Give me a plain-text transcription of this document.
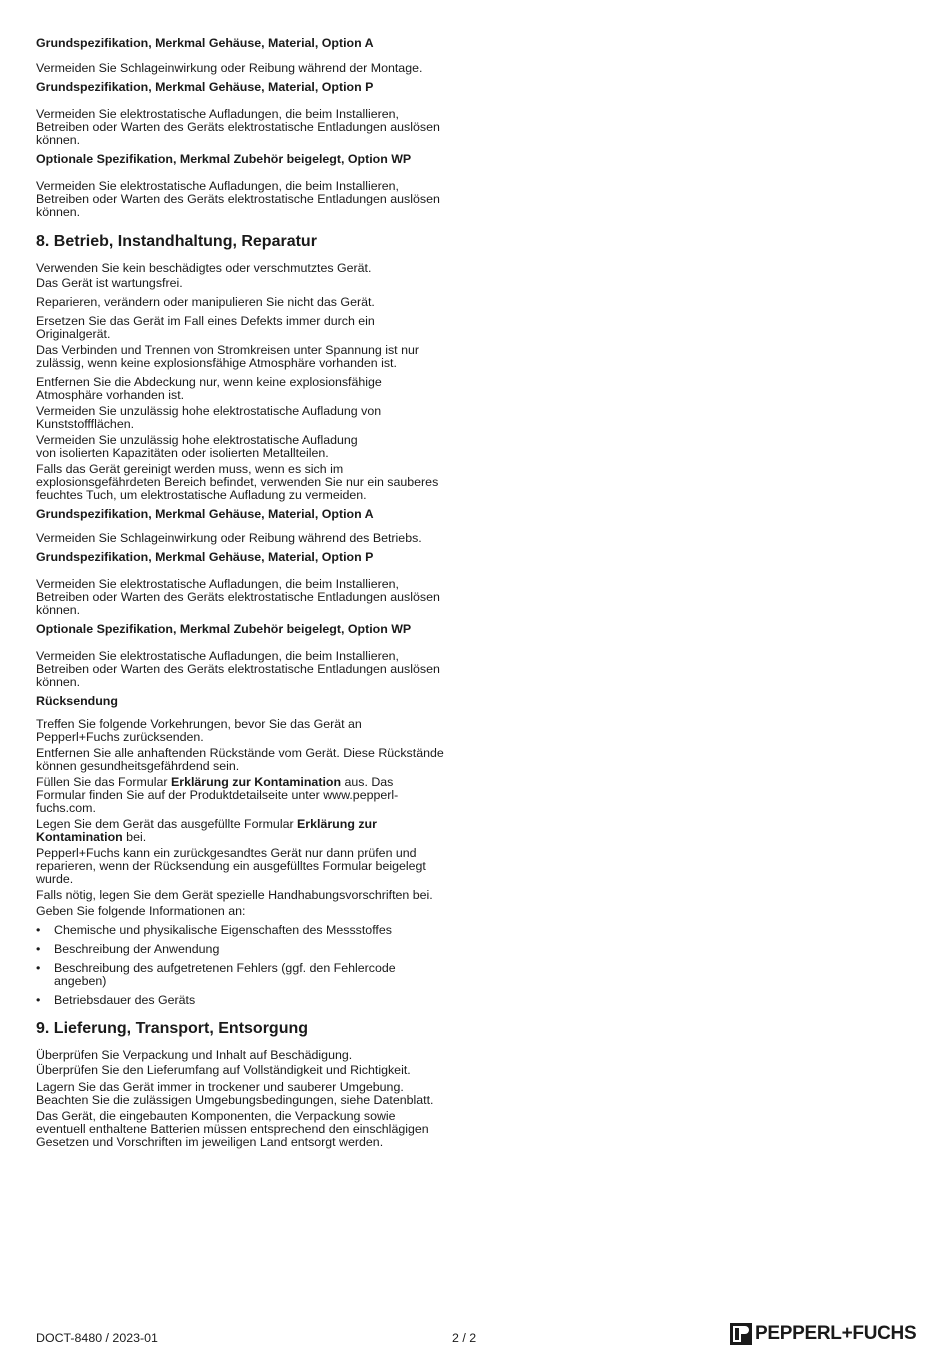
Grundspezifikation, Merkmal Gehäuse, Material, Option A
Vermeiden Sie Schlageinwirkung oder Reibung während der Montage.
Grundspezifikation, Merkmal Gehäuse, Material, Option P
Vermeiden Sie elektrostatische Aufladungen, die beim Installieren,
Betreiben oder Warten des Geräts elektrostatische Entladungen auslösen
können.
Optionale Spezifikation, Merkmal Zubehör beigelegt, Option WP
Vermeiden Sie elektrostatische Aufladungen, die beim Installieren,
Betreiben oder Warten des Geräts elektrostatische Entladungen auslösen
können.
8. Betrieb, Instandhaltung, Reparatur
Verwenden Sie kein beschädigtes oder verschmutztes Gerät.
Das Gerät ist wartungsfrei.
Reparieren, verändern oder manipulieren Sie nicht das Gerät.
Ersetzen Sie das Gerät im Fall eines Defekts immer durch ein
Originalgerät.
Das Verbinden und Trennen von Stromkreisen unter Spannung ist nur
zulässig, wenn keine explosionsfähige Atmosphäre vorhanden ist.
Entfernen Sie die Abdeckung nur, wenn keine explosionsfähige
Atmosphäre vorhanden ist.
Vermeiden Sie unzulässig hohe elektrostatische Aufladung von
Kunststoffflächen.
Vermeiden Sie unzulässig hohe elektrostatische Aufladung
von isolierten Kapazitäten oder isolierten Metallteilen.
Falls das Gerät gereinigt werden muss, wenn es sich im
explosionsgefährdeten Bereich befindet, verwenden Sie nur ein sauberes
feuchtes Tuch, um elektrostatische Aufladung zu vermeiden.
Grundspezifikation, Merkmal Gehäuse, Material, Option A
Vermeiden Sie Schlageinwirkung oder Reibung während des Betriebs.
Grundspezifikation, Merkmal Gehäuse, Material, Option P
Vermeiden Sie elektrostatische Aufladungen, die beim Installieren,
Betreiben oder Warten des Geräts elektrostatische Entladungen auslösen
können.
Optionale Spezifikation, Merkmal Zubehör beigelegt, Option WP
Vermeiden Sie elektrostatische Aufladungen, die beim Installieren,
Betreiben oder Warten des Geräts elektrostatische Entladungen auslösen
können.
Rücksendung
Treffen Sie folgende Vorkehrungen, bevor Sie das Gerät an
Pepperl+Fuchs zurücksenden.
Entfernen Sie alle anhaftenden Rückstände vom Gerät. Diese Rückstände
können gesundheitsgefährdend sein.
Füllen Sie das Formular Erklärung zur Kontamination aus. Das
Formular finden Sie auf der Produktdetailseite unter www.pepperl-
fuchs.com.
Legen Sie dem Gerät das ausgefüllte Formular Erklärung zur
Kontamination bei.
Pepperl+Fuchs kann ein zurückgesandtes Gerät nur dann prüfen und
reparieren, wenn der Rücksendung ein ausgefülltes Formular beigelegt
wurde.
Falls nötig, legen Sie dem Gerät spezielle Handhabungsvorschriften bei.
Geben Sie folgende Informationen an:
• Chemische und physikalische Eigenschaften des Messstoffes
• Beschreibung der Anwendung
• Beschreibung des aufgetretenen Fehlers (ggf. den Fehlercode
angeben)
• Betriebsdauer des Geräts
9. Lieferung, Transport, Entsorgung
Überprüfen Sie Verpackung und Inhalt auf Beschädigung.
Überprüfen Sie den Lieferumfang auf Vollständigkeit und Richtigkeit.
Lagern Sie das Gerät immer in trockener und sauberer Umgebung.
Beachten Sie die zulässigen Umgebungsbedingungen, siehe Datenblatt.
Das Gerät, die eingebauten Komponenten, die Verpackung sowie
eventuell enthaltene Batterien müssen entsprechend den einschlägigen
Gesetzen und Vorschriften im jeweiligen Land entsorgt werden.
DOCT-8480 / 2023-01	2 / 2	PEPPERL+FUCHS
